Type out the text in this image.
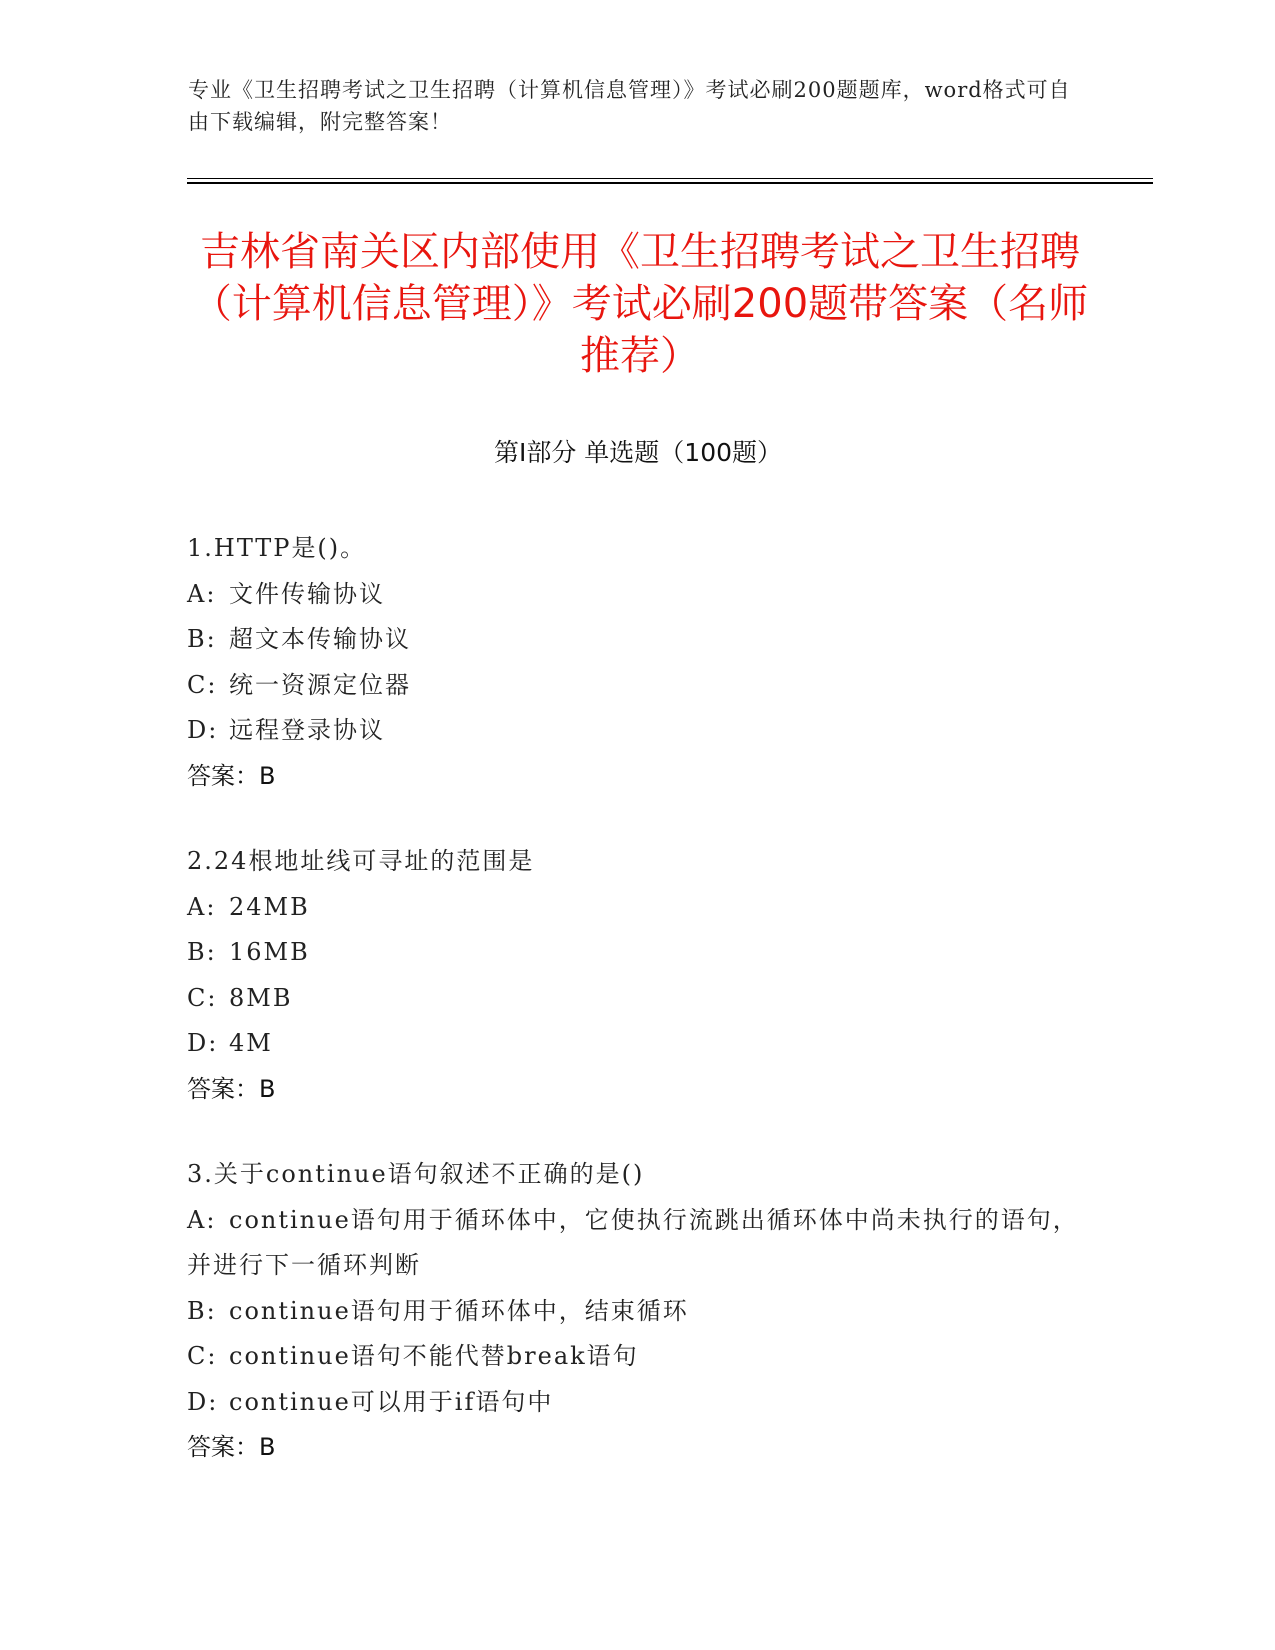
专业《卫生招聘考试之卫生招聘（计算机信息管理）》考试必刷200题题库，word格式可自由下载编辑，附完整答案！

吉林省南关区内部使用《卫生招聘考试之卫生招聘（计算机信息管理）》考试必刷200题带答案（名师推荐）
第Ⅰ部分 单选题（100题）

1.HTTP是()。

A: 文件传输协议

B: 超文本传输协议

C: 统一资源定位器

D: 远程登录协议

答案：B

2.24根地址线可寻址的范围是

A: 24MB

B: 16MB

C: 8MB

D: 4M

答案：B

3.关于continue语句叙述不正确的是()

A: continue语句用于循环体中，它使执行流跳出循环体中尚未执行的语句，并进行下一循环判断

B: continue语句用于循环体中，结束循环

C: continue语句不能代替break语句

D: continue可以用于if语句中

答案：B
